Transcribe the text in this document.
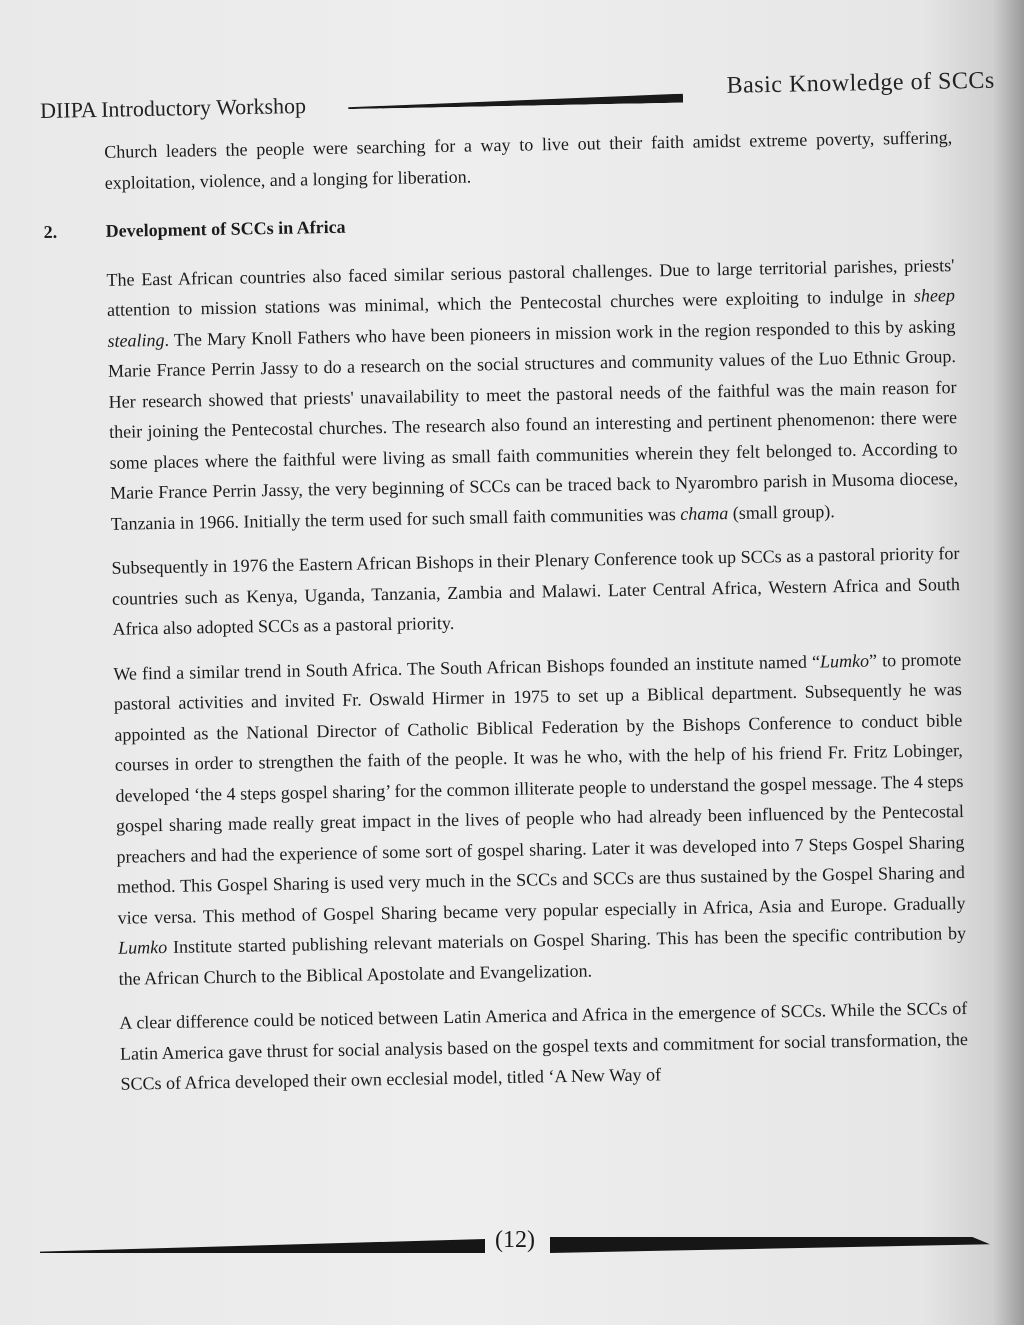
DIIPA Introductory Workshop
Basic Knowledge of SCCs

Church leaders the people were searching for a way to live out their faith amidst extreme poverty, suffering, exploitation, violence, and a longing for liberation.

2.	Development of SCCs in Africa

The East African countries also faced similar serious pastoral challenges. Due to large territorial parishes, priests' attention to mission stations was minimal, which the Pentecostal churches were exploiting to indulge in sheep stealing. The Mary Knoll Fathers who have been pioneers in mission work in the region responded to this by asking Marie France Perrin Jassy to do a research on the social structures and community values of the Luo Ethnic Group. Her research showed that priests' unavailability to meet the pastoral needs of the faithful was the main reason for their joining the Pentecostal churches. The research also found an interesting and pertinent phenomenon: there were some places where the faithful were living as small faith communities wherein they felt belonged to. According to Marie France Perrin Jassy, the very beginning of SCCs can be traced back to Nyarombro parish in Musoma diocese, Tanzania in 1966. Initially the term used for such small faith communities was chama (small group).

Subsequently in 1976 the Eastern African Bishops in their Plenary Conference took up SCCs as a pastoral priority for countries such as Kenya, Uganda, Tanzania, Zambia and Malawi. Later Central Africa, Western Africa and South Africa also adopted SCCs as a pastoral priority.

We find a similar trend in South Africa. The South African Bishops founded an institute named “Lumko” to promote pastoral activities and invited Fr. Oswald Hirmer in 1975 to set up a Biblical department. Subsequently he was appointed as the National Director of Catholic Biblical Federation by the Bishops Conference to conduct bible courses in order to strengthen the faith of the people. It was he who, with the help of his friend Fr. Fritz Lobinger, developed ‘the 4 steps gospel sharing’ for the common illiterate people to understand the gospel message. The 4 steps gospel sharing made really great impact in the lives of people who had already been influenced by the Pentecostal preachers and had the experience of some sort of gospel sharing. Later it was developed into 7 Steps Gospel Sharing method. This Gospel Sharing is used very much in the SCCs and SCCs are thus sustained by the Gospel Sharing and vice versa. This method of Gospel Sharing became very popular especially in Africa, Asia and Europe. Gradually Lumko Institute started publishing relevant materials on Gospel Sharing. This has been the specific contribution by the African Church to the Biblical Apostolate and Evangelization.

A clear difference could be noticed between Latin America and Africa in the emergence of SCCs. While the SCCs of Latin America gave thrust for social analysis based on the gospel texts and commitment for social transformation, the SCCs of Africa developed their own ecclesial model, titled ‘A New Way of

(12)
